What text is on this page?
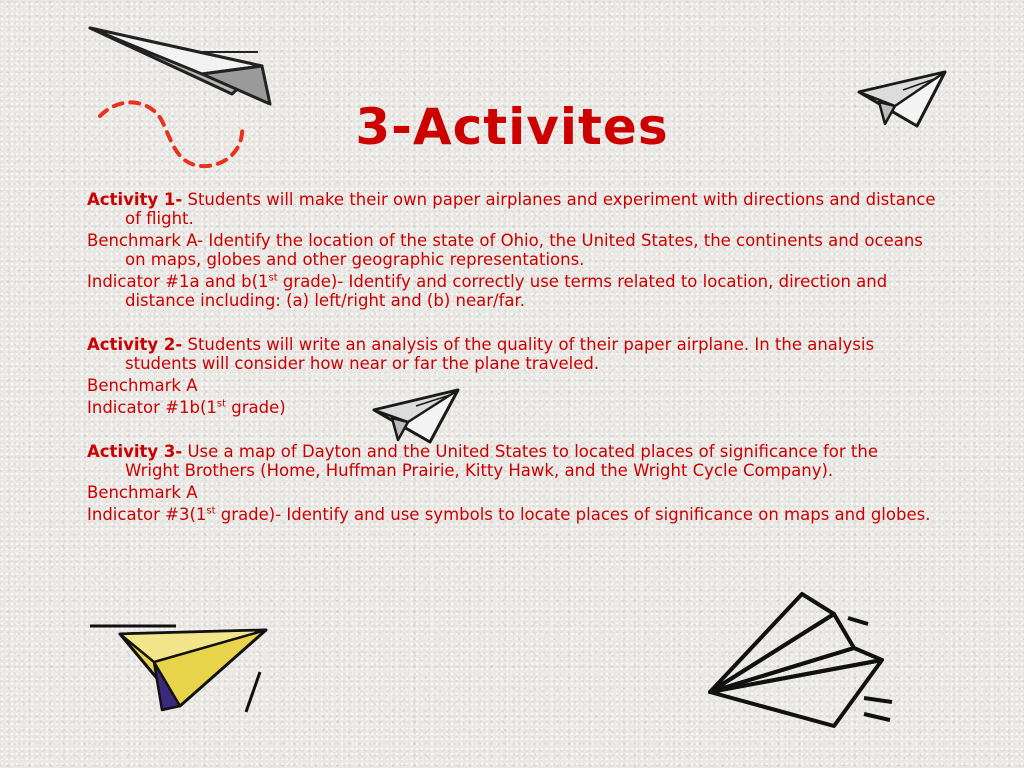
3-Activites

Activity 1- Students will make their own paper airplanes and experiment with directions and distance of flight.

Benchmark A- Identify the location of the state of Ohio, the United States, the continents and oceans on maps, globes and other geographic representations.

Indicator #1a and b(1st grade)- Identify and correctly use terms related to location, direction and distance including: (a) left/right and (b) near/far.

Activity 2- Students will write an analysis of the quality of their paper airplane. In the analysis students will consider how near or far the plane traveled.

Benchmark A

Indicator #1b(1st grade)

Activity 3- Use a map of Dayton and the United States to located places of significance for the Wright Brothers (Home, Huffman Prairie, Kitty Hawk, and the Wright Cycle Company).

Benchmark A

Indicator #3(1st grade)- Identify and use symbols to locate places of significance on maps and globes.
